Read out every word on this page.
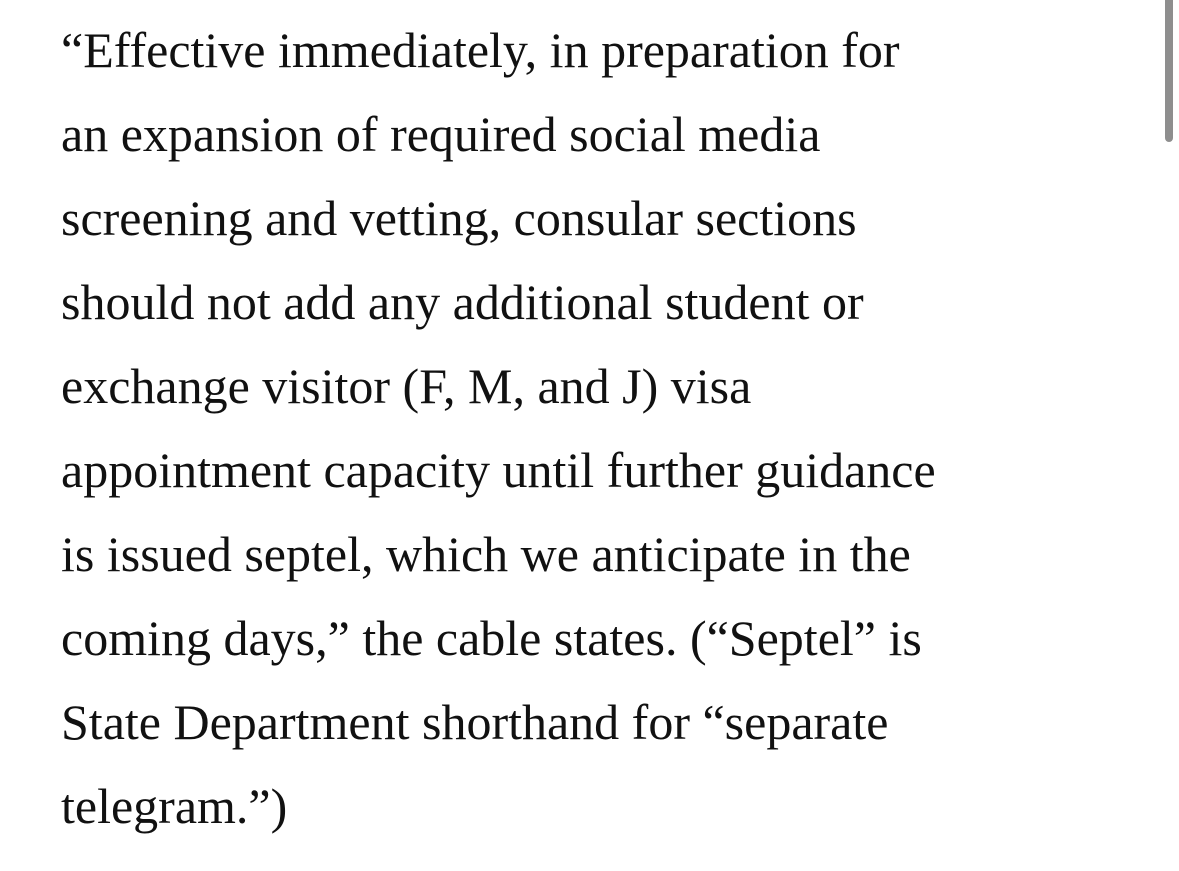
“Effective immediately, in preparation for
an expansion of required social media
screening and vetting, consular sections
should not add any additional student or
exchange visitor (F, M, and J) visa
appointment capacity until further guidance
is issued septel, which we anticipate in the
coming days,” the cable states. (“Septel” is
State Department shorthand for “separate
telegram.”)
